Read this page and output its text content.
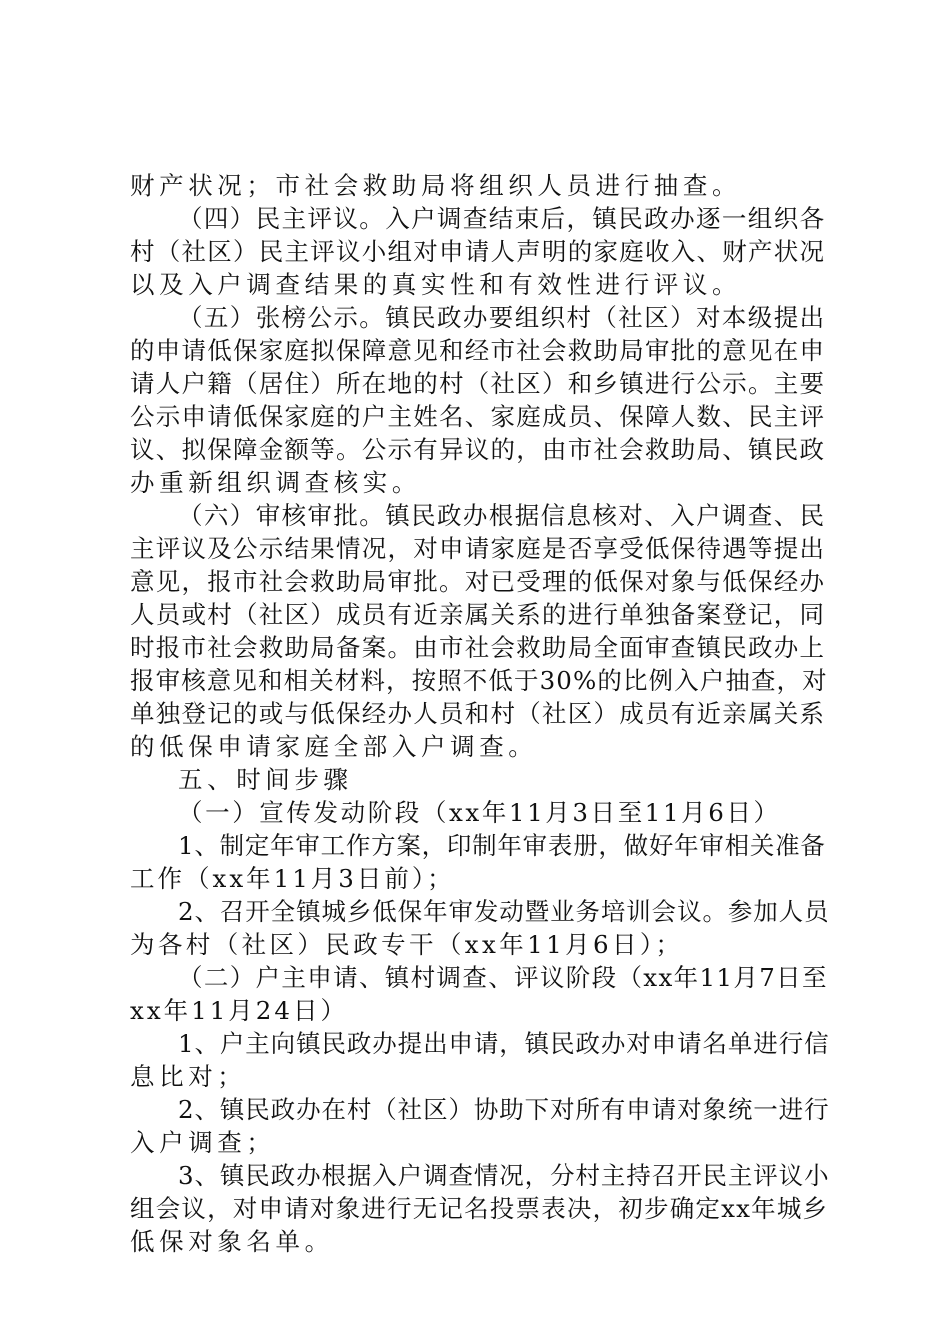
财产状况；市社会救助局将组织人员进行抽查。
（四）民主评议。入户调查结束后，镇民政办逐一组织各
村（社区）民主评议小组对申请人声明的家庭收入、财产状况
以及入户调查结果的真实性和有效性进行评议。
（五）张榜公示。镇民政办要组织村（社区）对本级提出
的申请低保家庭拟保障意见和经市社会救助局审批的意见在申
请人户籍（居住）所在地的村（社区）和乡镇进行公示。主要
公示申请低保家庭的户主姓名、家庭成员、保障人数、民主评
议、拟保障金额等。公示有异议的，由市社会救助局、镇民政
办重新组织调查核实。
（六）审核审批。镇民政办根据信息核对、入户调查、民
主评议及公示结果情况，对申请家庭是否享受低保待遇等提出
意见，报市社会救助局审批。对已受理的低保对象与低保经办
人员或村（社区）成员有近亲属关系的进行单独备案登记，同
时报市社会救助局备案。由市社会救助局全面审查镇民政办上
报审核意见和相关材料，按照不低于30%的比例入户抽查，对
单独登记的或与低保经办人员和村（社区）成员有近亲属关系
的低保申请家庭全部入户调查。
五、时间步骤
（一）宣传发动阶段（xx年11月3日至11月6日）
1、制定年审工作方案，印制年审表册，做好年审相关准备
工作（xx年11月3日前）；
2、召开全镇城乡低保年审发动暨业务培训会议。参加人员
为各村（社区）民政专干（xx年11月6日）；
（二）户主申请、镇村调查、评议阶段（xx年11月7日至
xx年11月24日）
1、户主向镇民政办提出申请，镇民政办对申请名单进行信
息比对；
2、镇民政办在村（社区）协助下对所有申请对象统一进行
入户调查；
3、镇民政办根据入户调查情况，分村主持召开民主评议小
组会议，对申请对象进行无记名投票表决，初步确定xx年城乡
低保对象名单。
